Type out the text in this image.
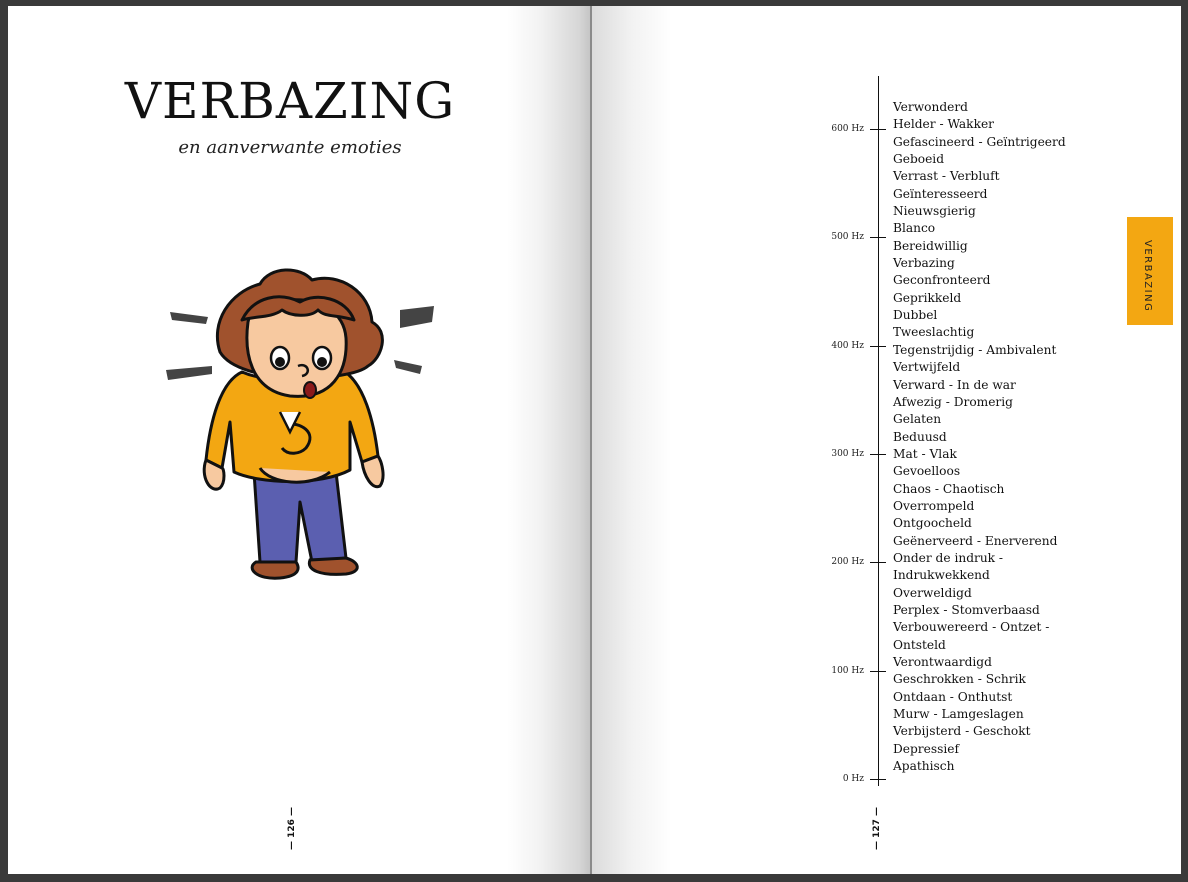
VERBAZING
en aanverwante emoties
— 126 —
600 Hz
500 Hz
400 Hz
300 Hz
200 Hz
100 Hz
0 Hz
Verwonderd
Helder - Wakker
Gefascineerd - Geïntrigeerd
Geboeid
Verrast - Verbluft
Geïnteresseerd
Nieuwsgierig
Blanco
Bereidwillig
Verbazing
Geconfronteerd
Geprikkeld
Dubbel
Tweeslachtig
Tegenstrijdig - Ambivalent
Vertwijfeld
Verward - In de war
Afwezig - Dromerig
Gelaten
Beduusd
Mat - Vlak
Gevoelloos
Chaos - Chaotisch
Overrompeld
Ontgoocheld
Geënerveerd - Enerverend
Onder de indruk -
Indrukwekkend
Overweldigd
Perplex - Stomverbaasd
Verbouwereerd - Ontzet -
Ontsteld
Verontwaardigd
Geschrokken - Schrik
Ontdaan - Onthutst
Murw - Lamgeslagen
Verbijsterd - Geschokt
Depressief
Apathisch
VERBAZING
— 127 —
